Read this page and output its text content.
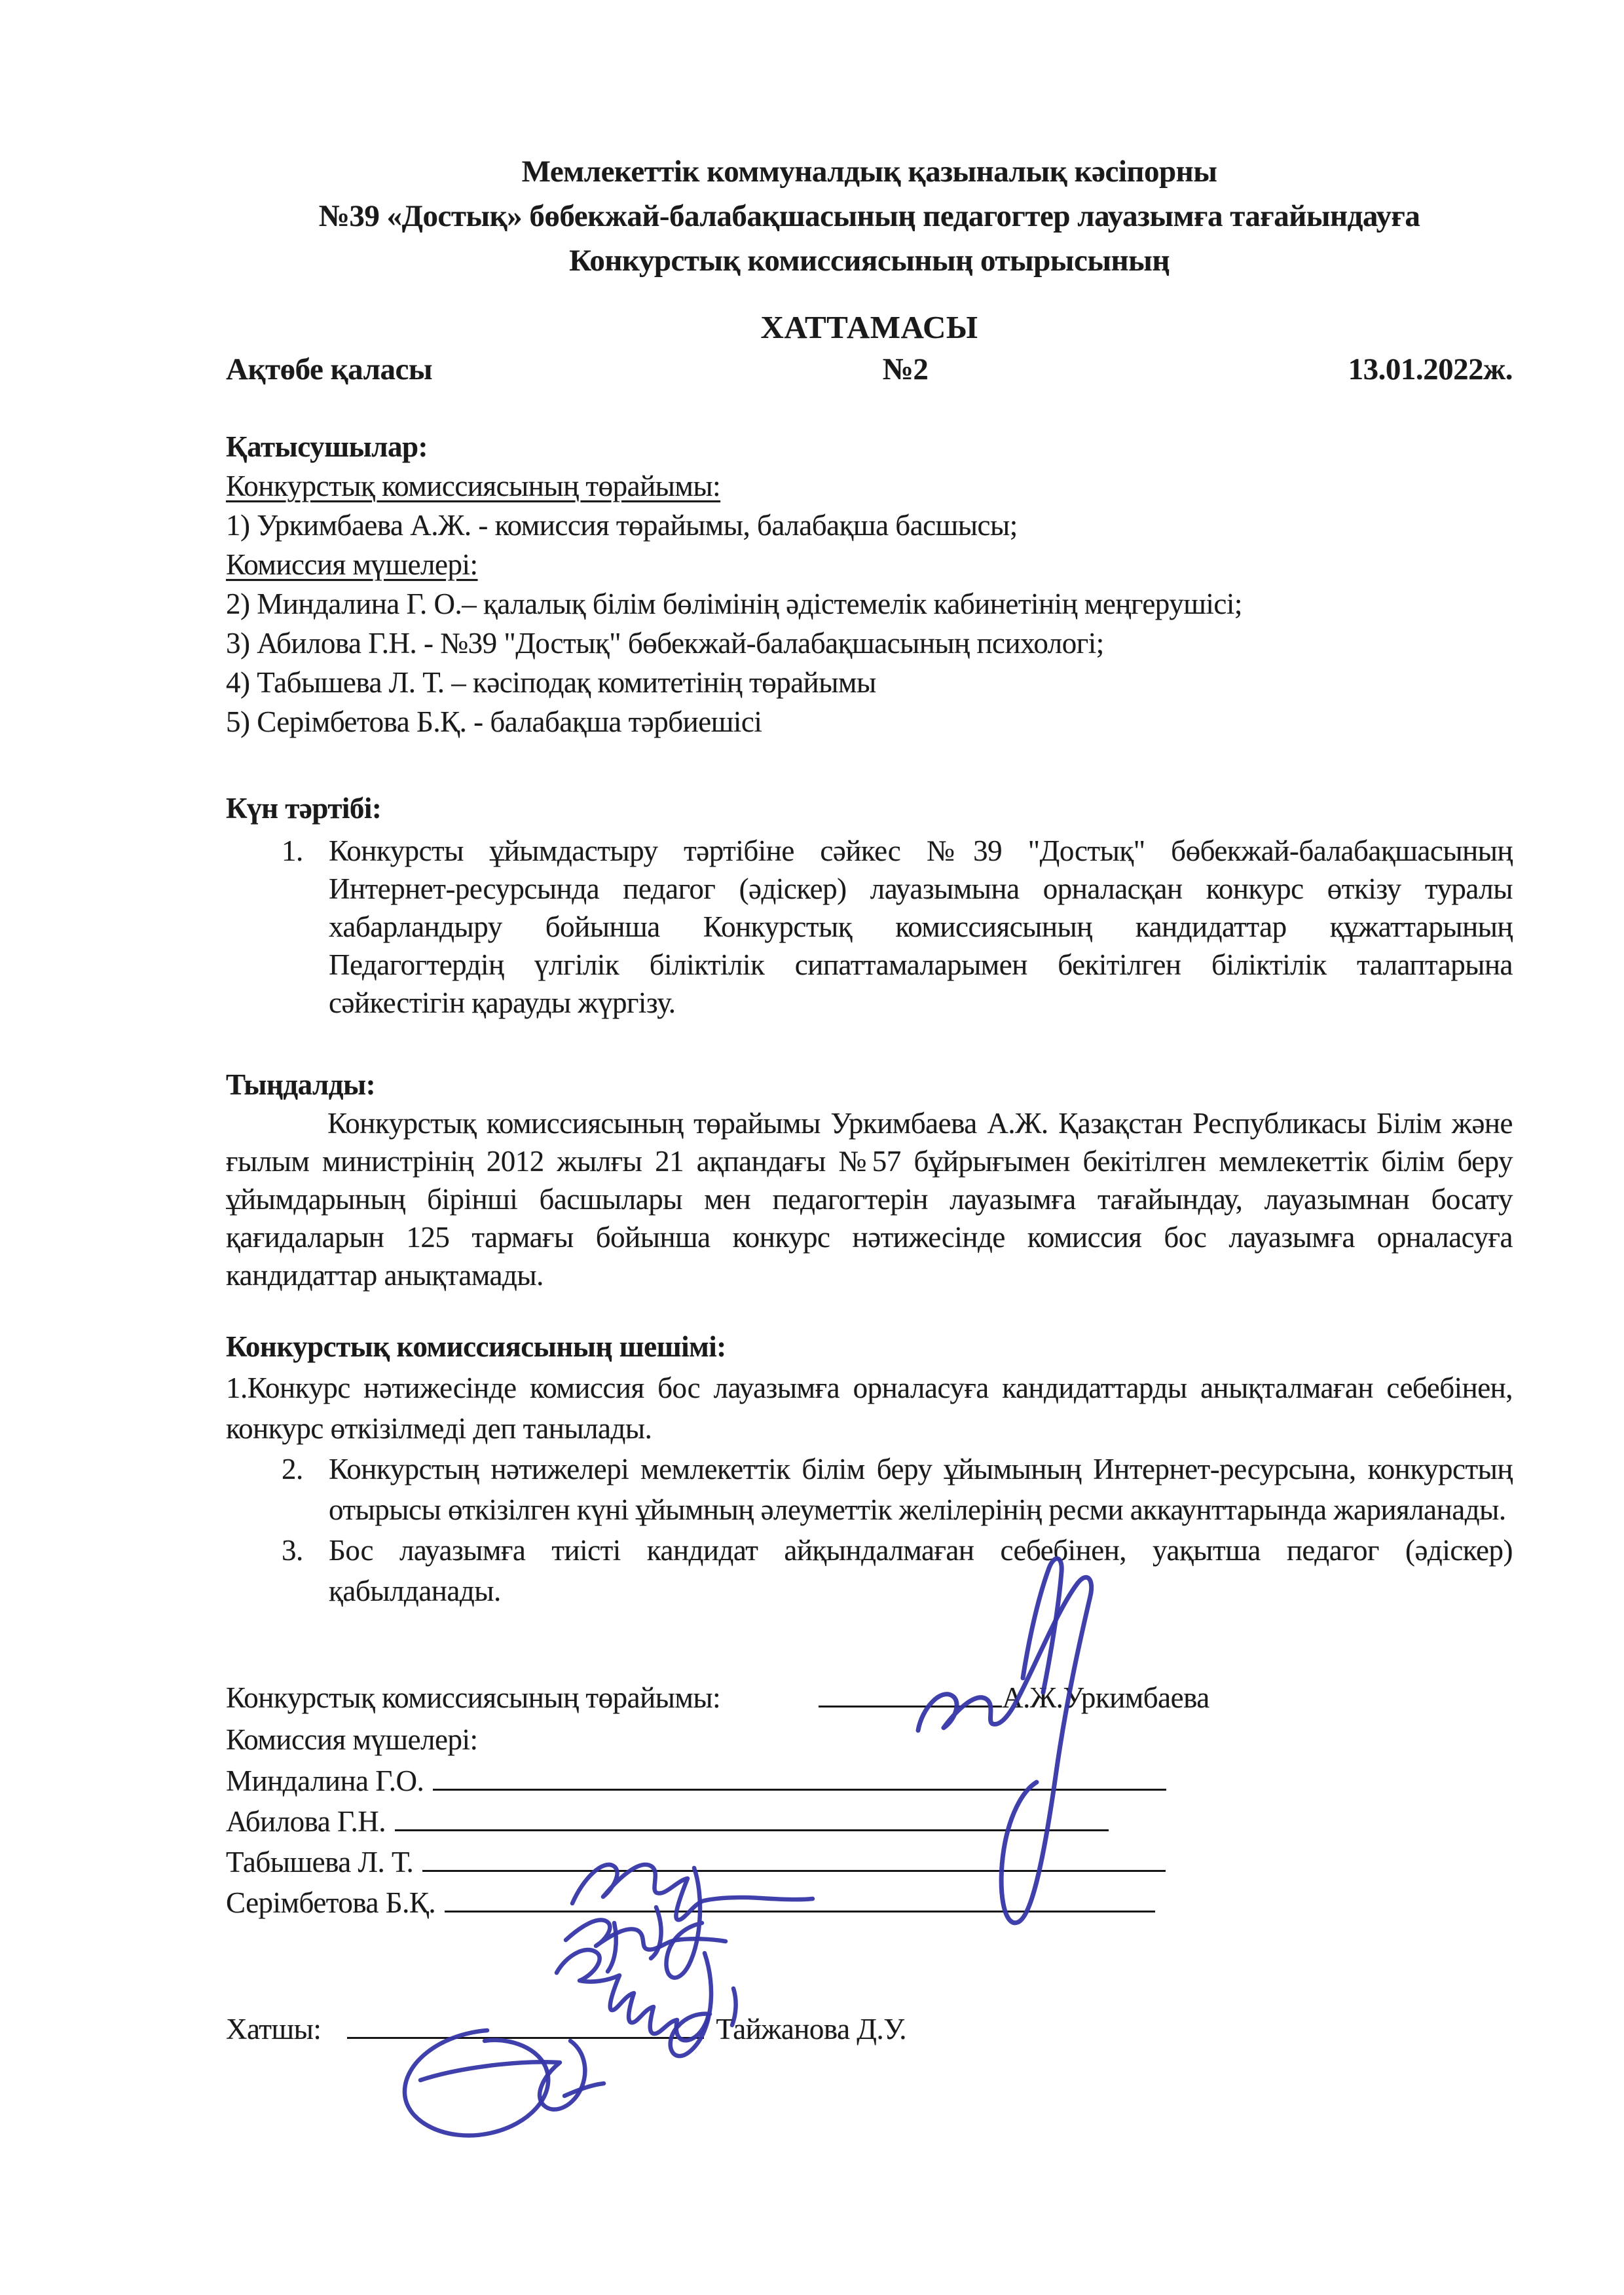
Мемлекеттік коммуналдық қазыналық кәсіпорны
№39 «Достық» бөбекжай-балабақшасының педагогтер лауазымға тағайындауға
Конкурстық комиссиясының отырысының
ХАТТАМАСЫ
Ақтөбе қаласы	№2	13.01.2022ж.

Қатысушылар:

Конкурстық комиссиясының төрайымы:

1) Уркимбаева А.Ж. - комиссия төрайымы, балабақша басшысы;

Комиссия мүшелері:

2) Миндалина Г. О.– қалалық білім бөлімінің әдістемелік кабинетінің меңгерушісі;

3) Абилова Г.Н. - №39 "Достық" бөбекжай-балабақшасының психологі;

4) Табышева Л. Т. – кәсіподақ комитетінің төрайымы

5) Серімбетова Б.Қ. - балабақша тәрбиешісі

Күн тәртібі:

1. Конкурсты ұйымдастыру тәртібіне сәйкес №39 "Достық" бөбекжай-балабақшасының Интернет-ресурсында педагог (әдіскер) лауазымына орналасқан конкурс өткізу туралы хабарландыру бойынша Конкурстық комиссиясының кандидаттар құжаттарының Педагогтердің үлгілік біліктілік сипаттамаларымен бекітілген біліктілік талаптарына сәйкестігін қарауды жүргізу.

Тыңдалды:

Конкурстық комиссиясының төрайымы Уркимбаева А.Ж. Қазақстан Республикасы Білім және ғылым министрінің 2012 жылғы 21 ақпандағы №57 бұйрығымен бекітілген мемлекеттік білім беру ұйымдарының бірінші басшылары мен педагогтерін лауазымға тағайындау, лауазымнан босату қағидаларын 125 тармағы бойынша конкурс нәтижесінде комиссия бос лауазымға орналасуға кандидаттар анықтамады.

Конкурстық комиссиясының шешімі:

1.Конкурс нәтижесінде комиссия бос лауазымға орналасуға кандидаттарды анықталмаған себебінен, конкурс өткізілмеді деп танылады.

2. Конкурстың нәтижелері мемлекеттік білім беру ұйымының Интернет-ресурсына, конкурстың отырысы өткізілген күні ұйымның әлеуметтік желілерінің ресми аккаунттарында жарияланады.
3. Бос лауазымға тиісті кандидат айқындалмаған себебінен, уақытша педагог (әдіскер) қабылданады.

Конкурстық комиссиясының төрайымы:	А.Ж.Уркимбаева

Комиссия мүшелері:

Миндалина Г.О.

Абилова Г.Н.

Табышева Л. Т.

Серімбетова Б.Қ.

Хатшы:	Тайжанова Д.У.
